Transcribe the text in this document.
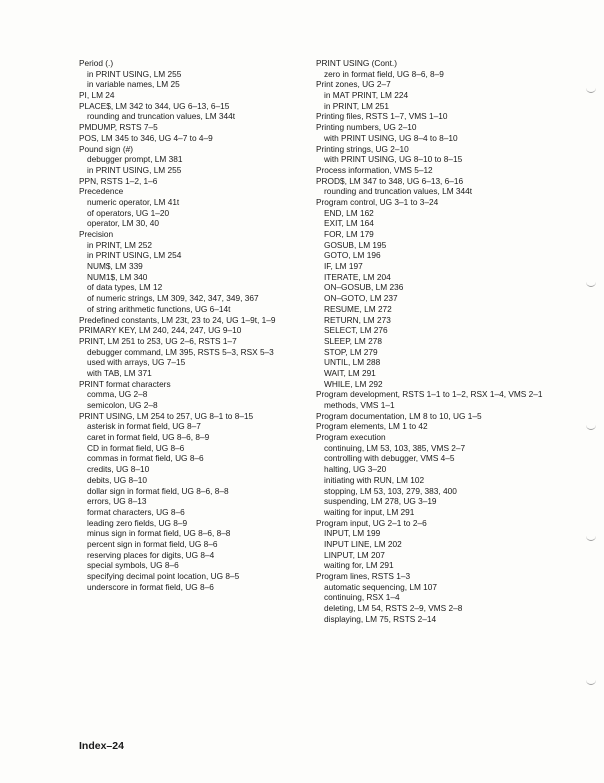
Period (.)
in PRINT USING, LM 255
in variable names, LM 25
PI, LM 24
PLACE$, LM 342 to 344, UG 6–13, 6–15
rounding and truncation values, LM 344t
PMDUMP, RSTS 7–5
POS, LM 345 to 346, UG 4–7 to 4–9
Pound sign (#)
debugger prompt, LM 381
in PRINT USING, LM 255
PPN, RSTS 1–2, 1–6
Precedence
numeric operator, LM 41t
of operators, UG 1–20
operator, LM 30, 40
Precision
in PRINT, LM 252
in PRINT USING, LM 254
NUM$, LM 339
NUM1$, LM 340
of data types, LM 12
of numeric strings, LM 309, 342, 347, 349, 367
of string arithmetic functions, UG 6–14t
Predefined constants, LM 23t, 23 to 24, UG 1–9t, 1–9
PRIMARY KEY, LM 240, 244, 247, UG 9–10
PRINT, LM 251 to 253, UG 2–6, RSTS 1–7
debugger command, LM 395, RSTS 5–3, RSX 5–3
used with arrays, UG 7–15
with TAB, LM 371
PRINT format characters
comma, UG 2–8
semicolon, UG 2–8
PRINT USING, LM 254 to 257, UG 8–1 to 8–15
asterisk in format field, UG 8–7
caret in format field, UG 8–6, 8–9
CD in format field, UG 8–6
commas in format field, UG 8–6
credits, UG 8–10
debits, UG 8–10
dollar sign in format field, UG 8–6, 8–8
errors, UG 8–13
format characters, UG 8–6
leading zero fields, UG 8–9
minus sign in format field, UG 8–6, 8–8
percent sign in format field, UG 8–6
reserving places for digits, UG 8–4
special symbols, UG 8–6
specifying decimal point location, UG 8–5
underscore in format field, UG 8–6
PRINT USING (Cont.)
zero in format field, UG 8–6, 8–9
Print zones, UG 2–7
in MAT PRINT, LM 224
in PRINT, LM 251
Printing files, RSTS 1–7, VMS 1–10
Printing numbers, UG 2–10
with PRINT USING, UG 8–4 to 8–10
Printing strings, UG 2–10
with PRINT USING, UG 8–10 to 8–15
Process information, VMS 5–12
PROD$, LM 347 to 348, UG 6–13, 6–16
rounding and truncation values, LM 344t
Program control, UG 3–1 to 3–24
END, LM 162
EXIT, LM 164
FOR, LM 179
GOSUB, LM 195
GOTO, LM 196
IF, LM 197
ITERATE, LM 204
ON–GOSUB, LM 236
ON–GOTO, LM 237
RESUME, LM 272
RETURN, LM 273
SELECT, LM 276
SLEEP, LM 278
STOP, LM 279
UNTIL, LM 288
WAIT, LM 291
WHILE, LM 292
Program development, RSTS 1–1 to 1–2, RSX 1–4, VMS 2–1
methods, VMS 1–1
Program documentation, LM 8 to 10, UG 1–5
Program elements, LM 1 to 42
Program execution
continuing, LM 53, 103, 385, VMS 2–7
controlling with debugger, VMS 4–5
halting, UG 3–20
initiating with RUN, LM 102
stopping, LM 53, 103, 279, 383, 400
suspending, LM 278, UG 3–19
waiting for input, LM 291
Program input, UG 2–1 to 2–6
INPUT, LM 199
INPUT LINE, LM 202
LINPUT, LM 207
waiting for, LM 291
Program lines, RSTS 1–3
automatic sequencing, LM 107
continuing, RSX 1–4
deleting, LM 54, RSTS 2–9, VMS 2–8
displaying, LM 75, RSTS 2–14
Index–24
